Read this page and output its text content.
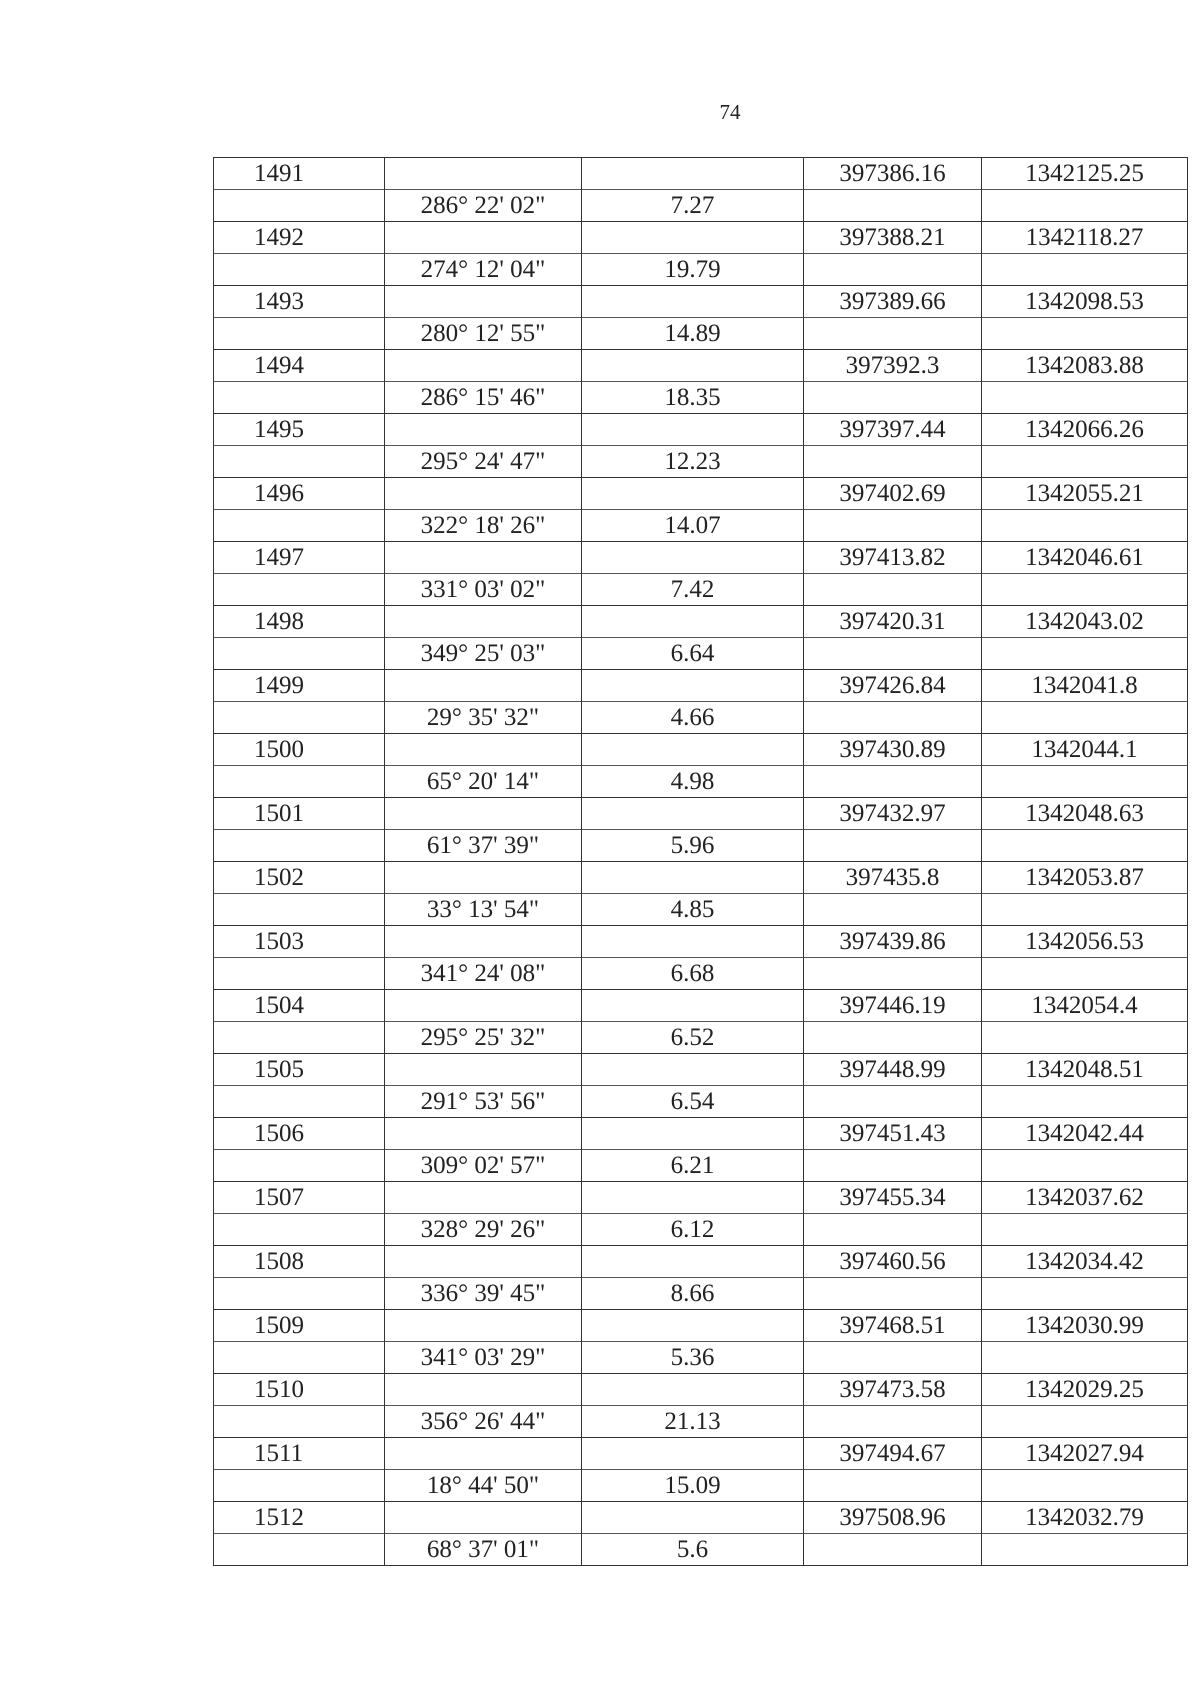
74
1491			397386.16	1342125.25
	286° 22' 02"	7.27		
1492			397388.21	1342118.27
	274° 12' 04"	19.79		
1493			397389.66	1342098.53
	280° 12' 55"	14.89		
1494			397392.3	1342083.88
	286° 15' 46"	18.35		
1495			397397.44	1342066.26
	295° 24' 47"	12.23		
1496			397402.69	1342055.21
	322° 18' 26"	14.07		
1497			397413.82	1342046.61
	331° 03' 02"	7.42		
1498			397420.31	1342043.02
	349° 25' 03"	6.64		
1499			397426.84	1342041.8
	29° 35' 32"	4.66		
1500			397430.89	1342044.1
	65° 20' 14"	4.98		
1501			397432.97	1342048.63
	61° 37' 39"	5.96		
1502			397435.8	1342053.87
	33° 13' 54"	4.85		
1503			397439.86	1342056.53
	341° 24' 08"	6.68		
1504			397446.19	1342054.4
	295° 25' 32"	6.52		
1505			397448.99	1342048.51
	291° 53' 56"	6.54		
1506			397451.43	1342042.44
	309° 02' 57"	6.21		
1507			397455.34	1342037.62
	328° 29' 26"	6.12		
1508			397460.56	1342034.42
	336° 39' 45"	8.66		
1509			397468.51	1342030.99
	341° 03' 29"	5.36		
1510			397473.58	1342029.25
	356° 26' 44"	21.13		
1511			397494.67	1342027.94
	18° 44' 50"	15.09		
1512			397508.96	1342032.79
	68° 37' 01"	5.6		
